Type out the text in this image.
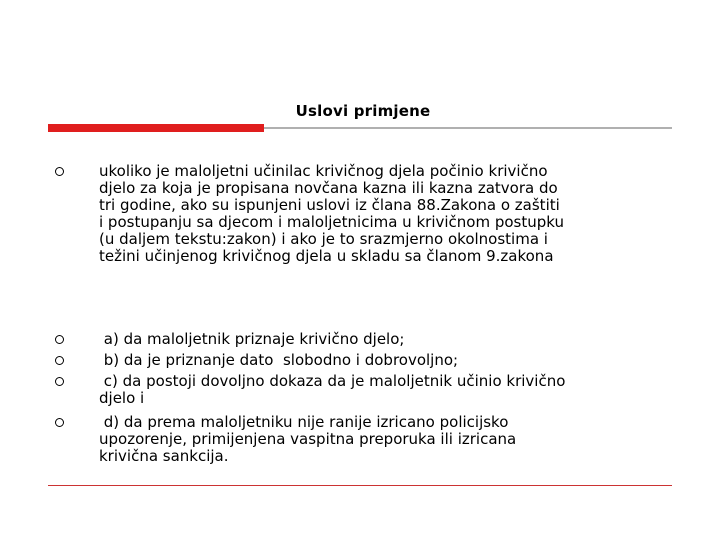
Uslovi primjene
ukoliko je maloljetni učinilac krivičnog djela počinio krivično
djelo za koja je propisana novčana kazna ili kazna zatvora do
tri godine, ako su ispunjeni uslovi iz člana 88.Zakona o zaštiti
i postupanju sa djecom i maloljetnicima u krivičnom postupku
(u daljem tekstu:zakon) i ako je to srazmjerno okolnostima i
težini učinjenog krivičnog djela u skladu sa članom 9.zakona
a) da maloljetnik priznaje krivično djelo;
b) da je priznanje dato  slobodno i dobrovoljno;
c) da postoji dovoljno dokaza da je maloljetnik učinio krivično
djelo i
d) da prema maloljetniku nije ranije izricano policijsko
upozorenje, primijenjena vaspitna preporuka ili izricana
krivična sankcija.
